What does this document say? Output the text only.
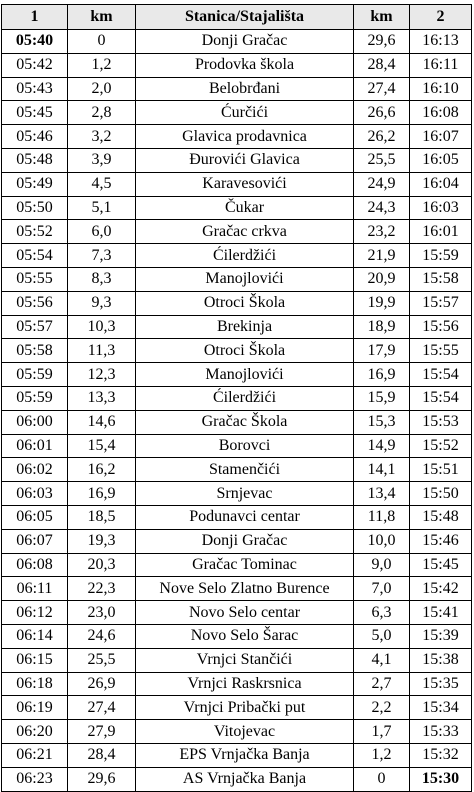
1	km	Stanica/Stajališta	km	2
05:40	0	Donji Gračac	29,6	16:13
05:42	1,2	Prodovka škola	28,4	16:11
05:43	2,0	Belobrđani	27,4	16:10
05:45	2,8	Ćurčići	26,6	16:08
05:46	3,2	Glavica prodavnica	26,2	16:07
05:48	3,9	Đurovići Glavica	25,5	16:05
05:49	4,5	Karavesovići	24,9	16:04
05:50	5,1	Čukar	24,3	16:03
05:52	6,0	Gračac crkva	23,2	16:01
05:54	7,3	Ćilerdžići	21,9	15:59
05:55	8,3	Manojlovići	20,9	15:58
05:56	9,3	Otroci Škola	19,9	15:57
05:57	10,3	Brekinja	18,9	15:56
05:58	11,3	Otroci Škola	17,9	15:55
05:59	12,3	Manojlovići	16,9	15:54
05:59	13,3	Ćilerdžići	15,9	15:54
06:00	14,6	Gračac Škola	15,3	15:53
06:01	15,4	Borovci	14,9	15:52
06:02	16,2	Stamenčići	14,1	15:51
06:03	16,9	Srnjevac	13,4	15:50
06:05	18,5	Podunavci centar	11,8	15:48
06:07	19,3	Donji Gračac	10,0	15:46
06:08	20,3	Gračac Tominac	9,0	15:45
06:11	22,3	Nove Selo Zlatno Burence	7,0	15:42
06:12	23,0	Novo Selo centar	6,3	15:41
06:14	24,6	Novo Selo Šarac	5,0	15:39
06:15	25,5	Vrnjci Stančići	4,1	15:38
06:18	26,9	Vrnjci Raskrsnica	2,7	15:35
06:19	27,4	Vrnjci Pribački put	2,2	15:34
06:20	27,9	Vitojevac	1,7	15:33
06:21	28,4	EPS Vrnjačka Banja	1,2	15:32
06:23	29,6	AS Vrnjačka Banja	0	15:30
